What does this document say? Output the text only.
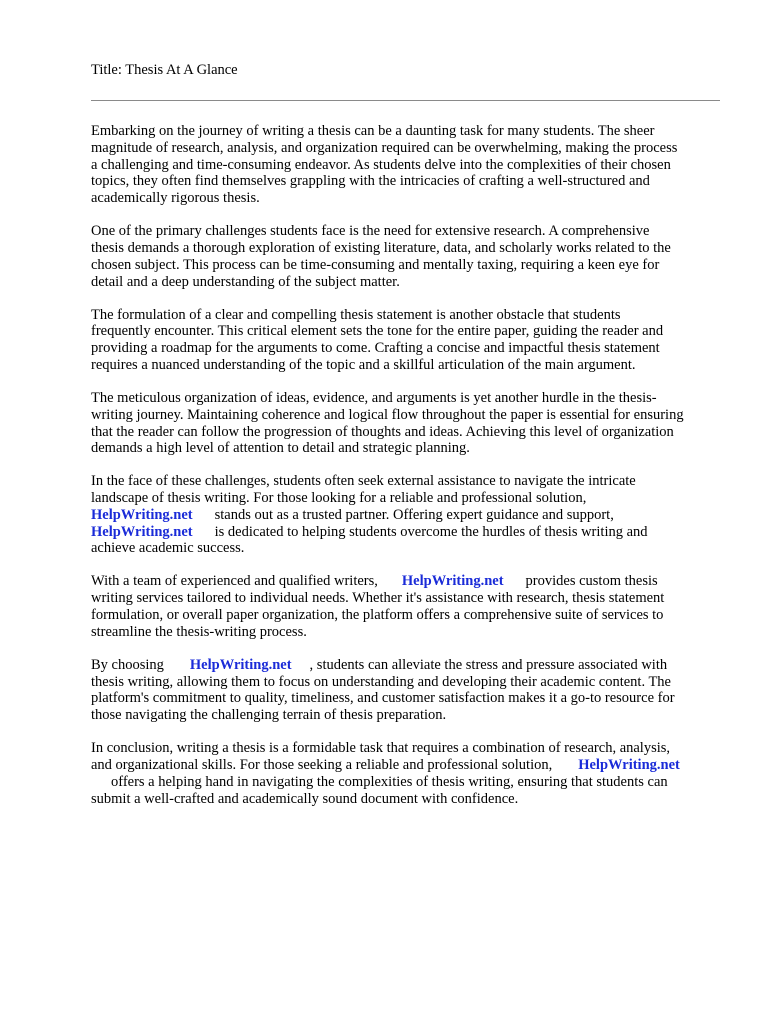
Title: Thesis At A Glance

Embarking on the journey of writing a thesis can be a daunting task for many students. The sheer
magnitude of research, analysis, and organization required can be overwhelming, making the process
a challenging and time-consuming endeavor. As students delve into the complexities of their chosen
topics, they often find themselves grappling with the intricacies of crafting a well-structured and
academically rigorous thesis.

One of the primary challenges students face is the need for extensive research. A comprehensive
thesis demands a thorough exploration of existing literature, data, and scholarly works related to the
chosen subject. This process can be time-consuming and mentally taxing, requiring a keen eye for
detail and a deep understanding of the subject matter.

The formulation of a clear and compelling thesis statement is another obstacle that students
frequently encounter. This critical element sets the tone for the entire paper, guiding the reader and
providing a roadmap for the arguments to come. Crafting a concise and impactful thesis statement
requires a nuanced understanding of the topic and a skillful articulation of the main argument.

The meticulous organization of ideas, evidence, and arguments is yet another hurdle in the thesis-
writing journey. Maintaining coherence and logical flow throughout the paper is essential for ensuring
that the reader can follow the progression of thoughts and ideas. Achieving this level of organization
demands a high level of attention to detail and strategic planning.

In the face of these challenges, students often seek external assistance to navigate the intricate
landscape of thesis writing. For those looking for a reliable and professional solution,
HelpWriting.net stands out as a trusted partner. Offering expert guidance and support,
HelpWriting.net is dedicated to helping students overcome the hurdles of thesis writing and
achieve academic success.

With a team of experienced and qualified writers, HelpWriting.net provides custom thesis
writing services tailored to individual needs. Whether it's assistance with research, thesis statement
formulation, or overall paper organization, the platform offers a comprehensive suite of services to
streamline the thesis-writing process.

By choosing HelpWriting.net , students can alleviate the stress and pressure associated with
thesis writing, allowing them to focus on understanding and developing their academic content. The
platform's commitment to quality, timeliness, and customer satisfaction makes it a go-to resource for
those navigating the challenging terrain of thesis preparation.

In conclusion, writing a thesis is a formidable task that requires a combination of research, analysis,
and organizational skills. For those seeking a reliable and professional solution, HelpWriting.net
offers a helping hand in navigating the complexities of thesis writing, ensuring that students can
submit a well-crafted and academically sound document with confidence.
